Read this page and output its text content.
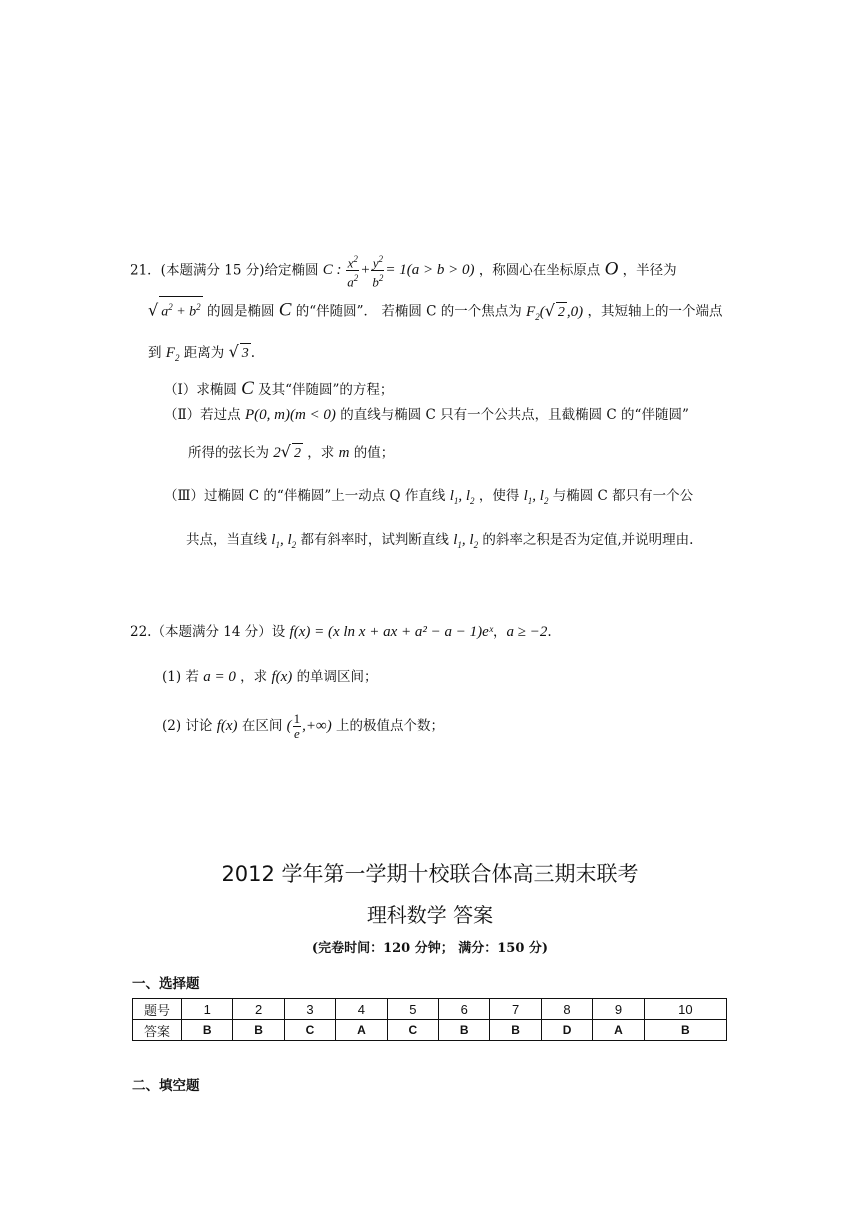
21．(本题满分 15 分)给定椭圆 C : $\frac{x^2}{a^2} + \frac{y^2}{b^2} = 1(a > b > 0)$ ，称圆心在坐标原点 O ，半径为
√ $a^2 + b^2$ 的圆是椭圆 C 的“伴随圆”． 若椭圆 C 的一个焦点为 $F_2(√$ 2 ,0) ，其短轴上的一个端点
到 $F_2$ 距离为 √ 3 .
（Ⅰ）求椭圆 C 及其“伴随圆”的方程；
（Ⅱ）若过点 P(0, m)(m < 0) 的直线与椭圆 C 只有一个公共点，且截椭圆 C 的“伴随圆”
所得的弦长为 2√ 2 ，求 m 的值；
（Ⅲ）过椭圆 C 的“伴椭圆”上一动点 Q 作直线 $l_1$, $l_2$ ，使得 $l_1$, $l_2$ 与椭圆 C 都只有一个公
共点，当直线 $l_1$, $l_2$ 都有斜率时，试判断直线 $l_1$, $l_2$ 的斜率之积是否为定值,并说明理由.
22.（本题满分 14 分）设 f(x) = (x ln x + ax + a² − a − 1)eˣ，a ≥ −2.
(1) 若 a = 0 ，求 f(x) 的单调区间；
(2) 讨论 f(x) 在区间 ( $\frac{1}{e}$ ,+∞) 上的极值点个数；
2012 学年第一学期十校联合体高三期末联考
理科数学 答案
(完卷时间：120 分钟； 满分：150 分)
一、选择题
题号	1	2	3	4	5	6	7	8	9	10
答案	B	B	C	A	C	B	B	D	A	B
二、填空题
